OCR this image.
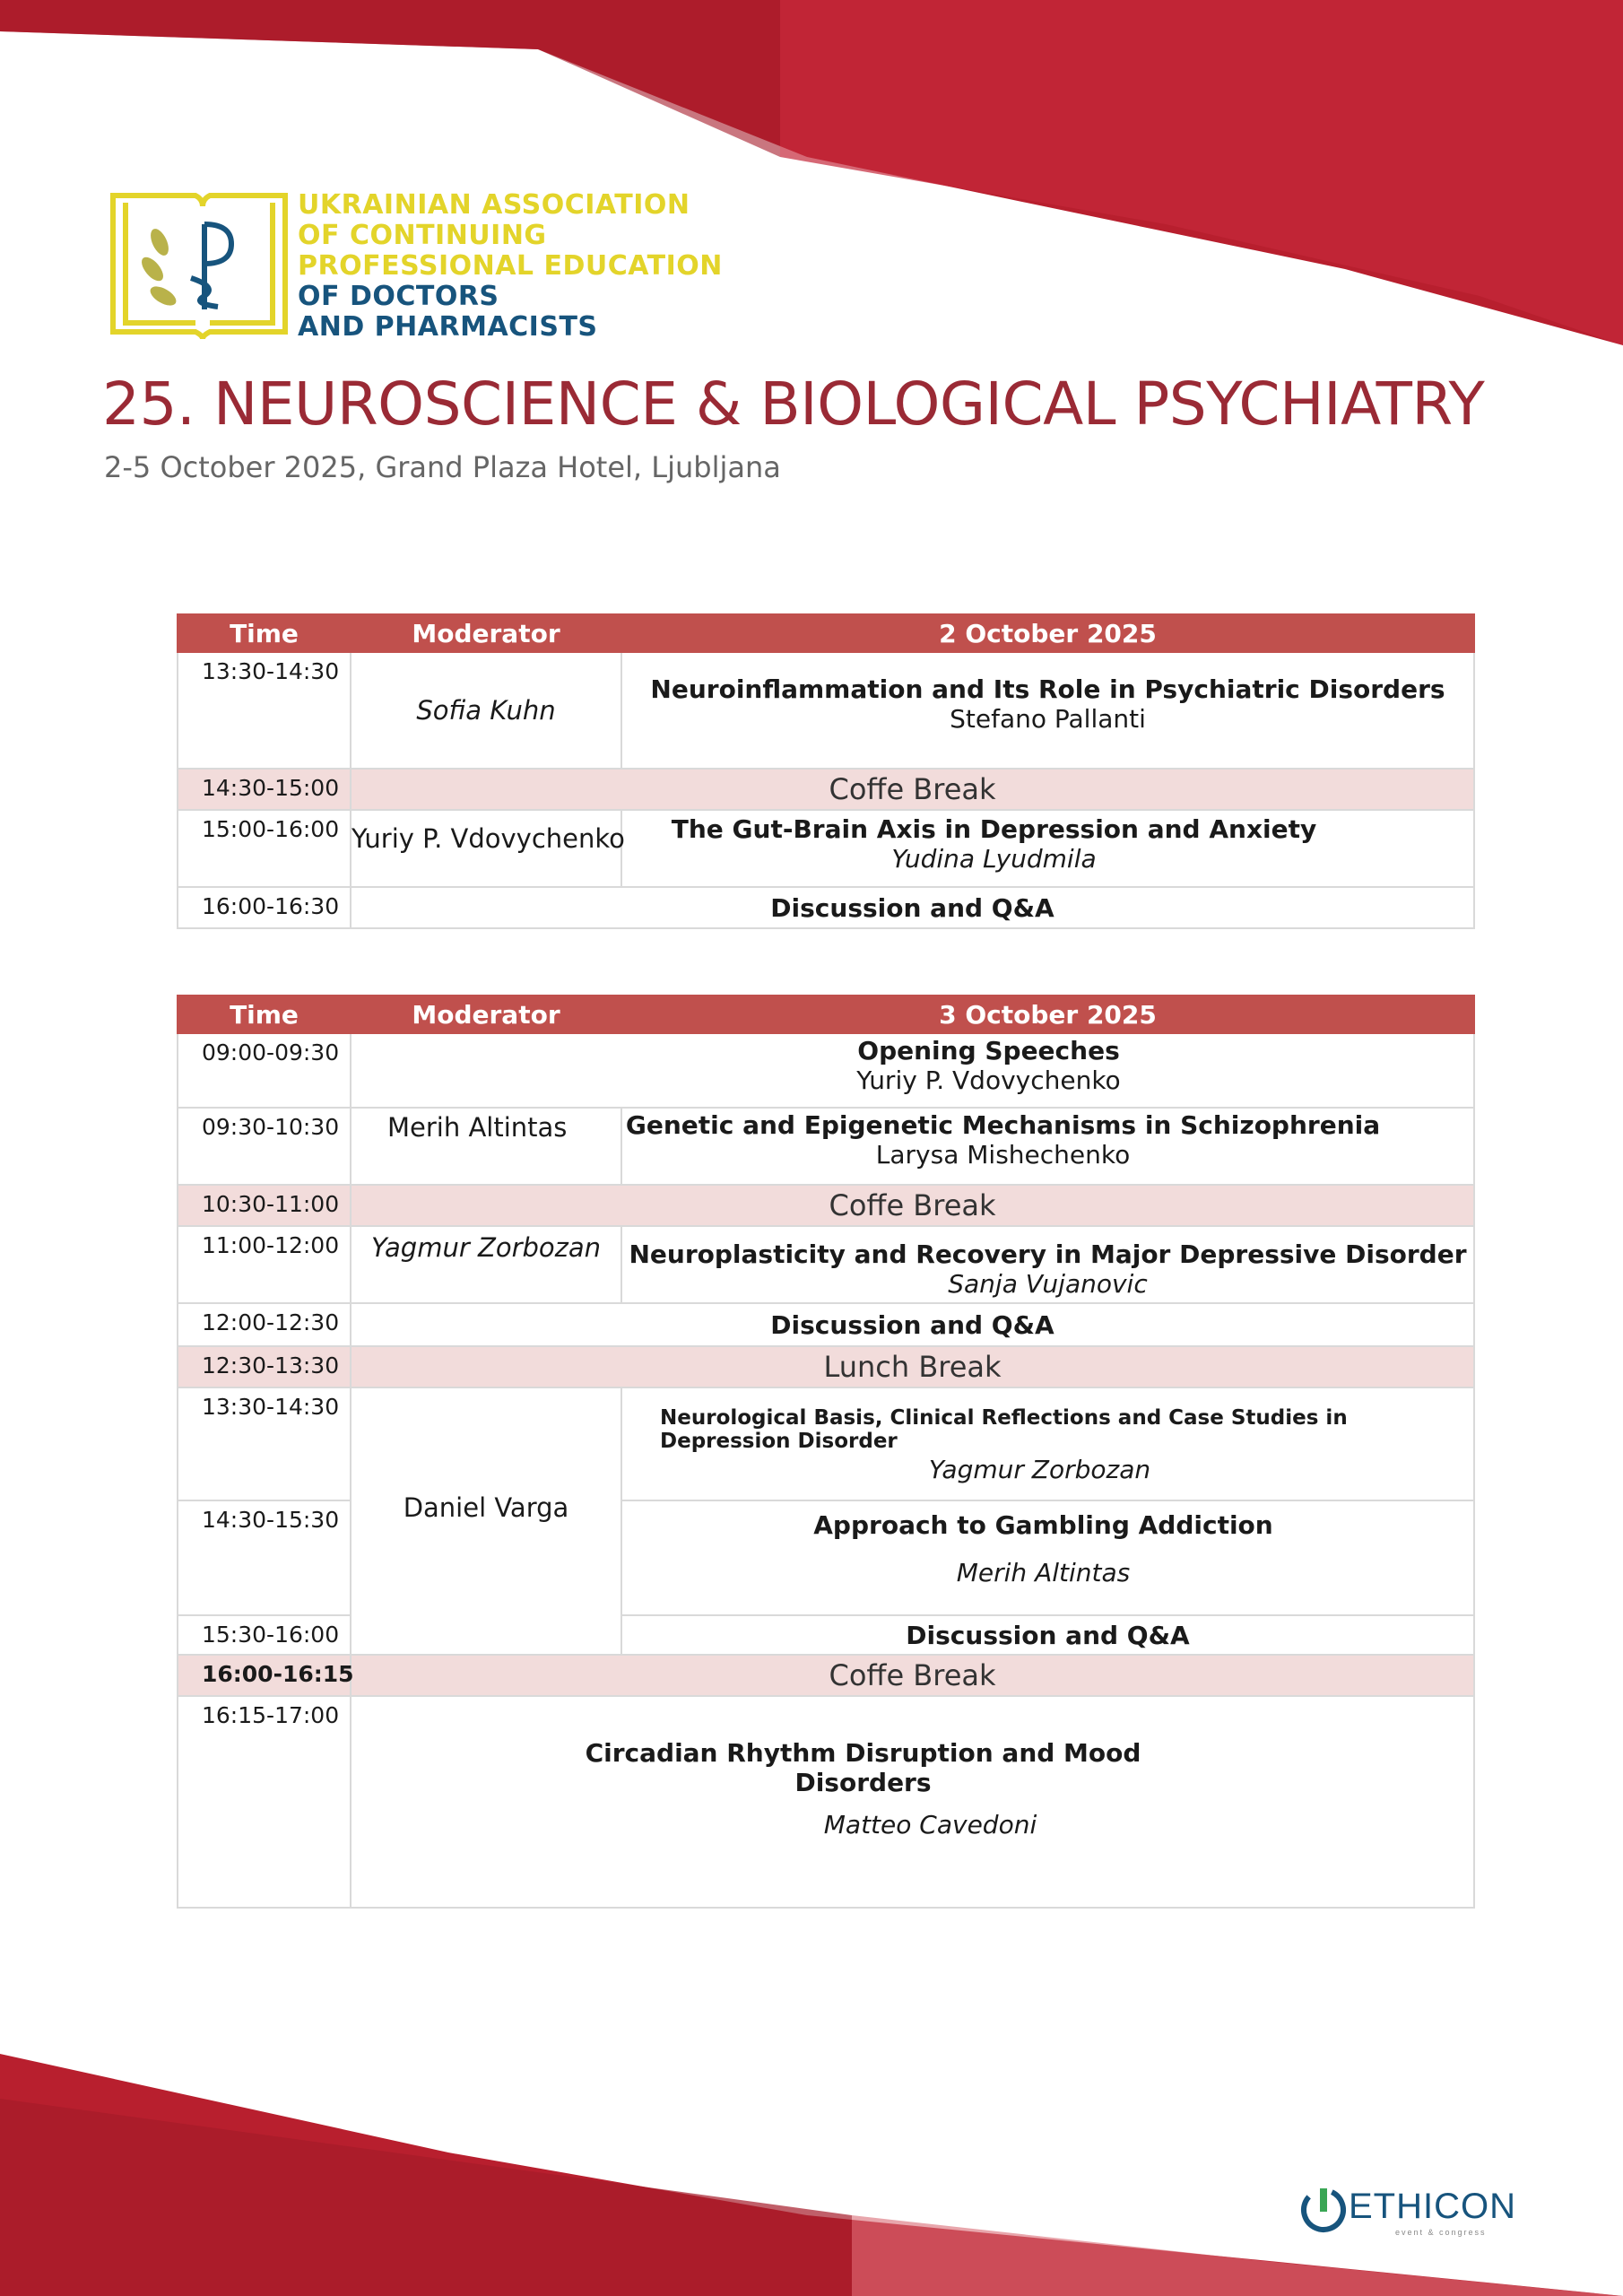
UKRAINIAN ASSOCIATION
OF CONTINUING
PROFESSIONAL EDUCATION
OF DOCTORS
AND PHARMACISTS
25. NEUROSCIENCE & BIOLOGICAL PSYCHIATRY
2-5 October 2025, Grand Plaza Hotel, Ljubljana
Time	Moderator	2 October 2025
13:30-14:30	Sofia Kuhn	Neuroinflammation and Its Role in Psychiatric Disorders
Stefano Pallanti

14:30-15:00	Coffe Break	
15:00-16:00	Yuriy P. Vdovychenko	The Gut-Brain Axis in Depression and Anxiety
Yudina Lyudmila

16:00-16:30	Discussion and Q&A	
Time	Moderator	3 October 2025
09:00-09:30	Opening Speeches
Yuriy P. Vdovychenko	

09:30-10:30	Merih Altintas	Genetic and Epigenetic Mechanisms in Schizophrenia
Larysa Mishechenko

10:30-11:00	Coffe Break	
11:00-12:00	Yagmur Zorbozan	Neuroplasticity and Recovery in Major Depressive Disorder
Sanja Vujanovic

12:00-12:30	Discussion and Q&A	
12:30-13:30	Lunch Break	
13:30-14:30	Daniel Varga	Neurological Basis, Clinical Reflections and Case Studies in Depression Disorder
Yagmur Zorbozan

14:30-15:30		Approach to Gambling Addiction
Merih Altintas

15:30-16:00		Discussion and Q&A
16:00-16:15	Coffe Break	
16:15-17:00	Circadian Rhythm Disruption and Mood
Disorders
Matteo Cavedoni	
ETHICON
event & congress
